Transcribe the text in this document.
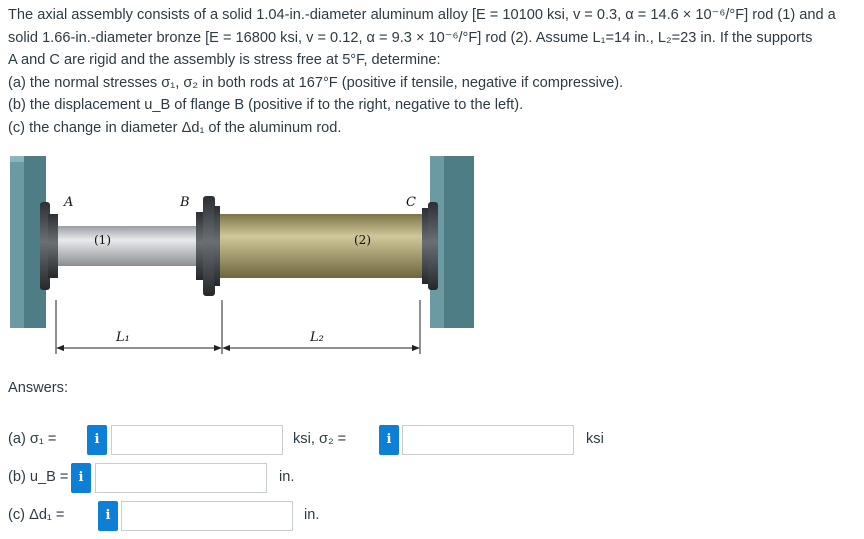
The axial assembly consists of a solid 1.04-in.-diameter aluminum alloy [E = 10100 ksi, v = 0.3, α = 14.6 × 10⁻⁶/°F] rod (1) and a
solid 1.66-in.-diameter bronze [E = 16800 ksi, v = 0.12, α = 9.3 × 10⁻⁶/°F] rod (2). Assume L₁=14 in., L₂=23 in. If the supports
A and C are rigid and the assembly is stress free at 5°F, determine:
(a) the normal stresses σ₁, σ₂ in both rods at 167°F (positive if tensile, negative if compressive).
(b) the displacement u_B of flange B (positive if to the right, negative to the left).
(c) the change in diameter Δd₁ of the aluminum rod.
A	B	C
(1)	(2)
L₁	L₂
Answers:
(a) σ₁ =	i	ksi, σ₂ =	i	ksi
(b) u_B = i	in.
(c) Δd₁ =	i	in.
